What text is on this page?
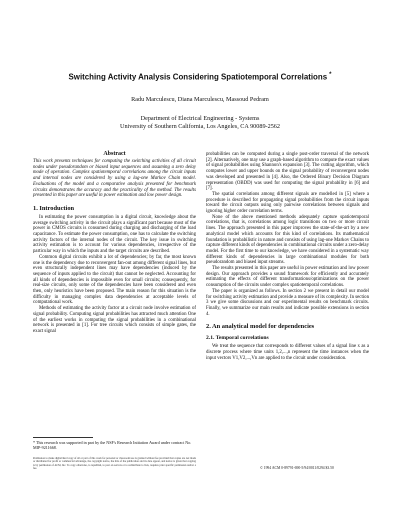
Switching Activity Analysis Considering Spatiotemporal Correlations *
Radu Marculescu, Diana Marculescu, Massoud Pedram
Department of Electrical Engineering - Systems
University of Southern California, Los Angeles, CA 90089-2562
Abstract

This work presents techniques for computing the switching activities of all circuit nodes under pseudorandom or biased input sequences and assuming a zero delay mode of operation. Complex spatiotemporal correlations among the circuit inputs and internal nodes are considered by using a lag-one Markov Chain model. Evaluations of the model and a comparative analysis presented for benchmark circuits demonstrates the accuracy and the practicality of the method. The results presented in this paper are useful in power estimation and low power design.

1. Introduction

In estimating the power consumption in a digital circuit, knowledge about the average switching activity in the circuit plays a significant part because most of the power in CMOS circuits is consumed during charging and discharging of the load capacitance. To estimate the power consumption, one has to calculate the switching activity factors of the internal nodes of the circuit. The key issue in switching activity estimation is to account for various dependencies, irrespective of the particular way in which the inputs and the target circuits are described.

Common digital circuits exhibit a lot of dependencies; by far, the most known one is the dependency due to reconvergent fan-out among different signal lines, but even structurally independent lines may have dependencies (induced by the sequence of inputs applied to the circuit) that cannot be neglected. Accounting for all kinds of dependencies is impossible even for small circuits; consequently, for real-size circuits, only some of the dependencies have been considered and even then, only heuristics have been proposed. The main reason for this situation is the difficulty in managing complex data dependencies at acceptable levels of computational work.

Methods of estimating the activity factor at a circuit node involve estimation of signal probability. Computing signal probabilities has attracted much attention One of the earliest works in computing the signal probabilities in a combinational network is presented in [1]. For tree circuits which consists of simple gates, the exact signal

probabilities can be computed during a single post-order traversal of the network [2]. Alternatively, one may use a graph-based algorithm to compute the exact values of signal probabilities using Shannon's expansion [3]. The cutting algorithm, which computes lower and upper bounds on the signal probability of reconvergent nodes was developed and presented in [4]. Also, the Ordered Binary Decision Diagram representation (OBDD) was used for computing the signal probability in [6] and [7].

The spatial correlations among different signals are modelled in [5] where a procedure is described for propagating signal probabilities from the circuit inputs toward the circuit outputs using only pairwise correlations between signals and ignoring higher order correlation terms.

None of the above mentioned methods adequately capture spatiotemporal correlations, that is, correlations among logic transitions on two or more circuit lines. The approach presented in this paper improves the state-of-the-art by a new analytical model which accounts for this kind of correlations. Its mathematical foundation is probabilistic in nature and consists of using lag-one Markov Chains to capture different kinds of dependencies in combinational circuits under a zero-delay model. For the first time to our knowledge, we have considered in a systematic way different kinds of dependencies in large combinational modules for both pseudorandom and biased input streams.

The results presented in this paper are useful in power estimation and low power design. Our approach provides a sound framework for efficiently and accurately estimating the effects of different transformations/optimizations on the power consumption of the circuits under complex spatiotemporal correlations.

The paper is organized as follows. In section 2 we present in detail our model for switching activity estimation and provide a measure of its complexity. In section 3 we give some discussions and our experimental results on benchmark circuits. Finally, we summarize our main results and indicate possible extensions in section 4.

2. An analytical model for dependencies
2.1. Temporal correlations

We treat the sequence that corresponds to different values of a signal line x as a discrete process where time units 1,2,...,n represent the time instances when the input vectors V1,V2,...,Vn are applied to the circuit under consideration.

* This research was supported in part by the NSF's Research Initiation Award under contract No. MIP-9211668.
Permission to make digital/hard copy of all or part of this work for personal or classroom use is granted without fee provided that copies are not made or distributed for profit or commercial advantage, the copyright notice, the title of the publication and its date appear, and notice is given that copying is by permission of ACM, Inc. To copy otherwise, to republish, to post on servers or to redistribute to lists, requires prior specific permission and/or a fee.	© 1994 ACM 0-89791-690-5/94/0011/0294 $3.50
